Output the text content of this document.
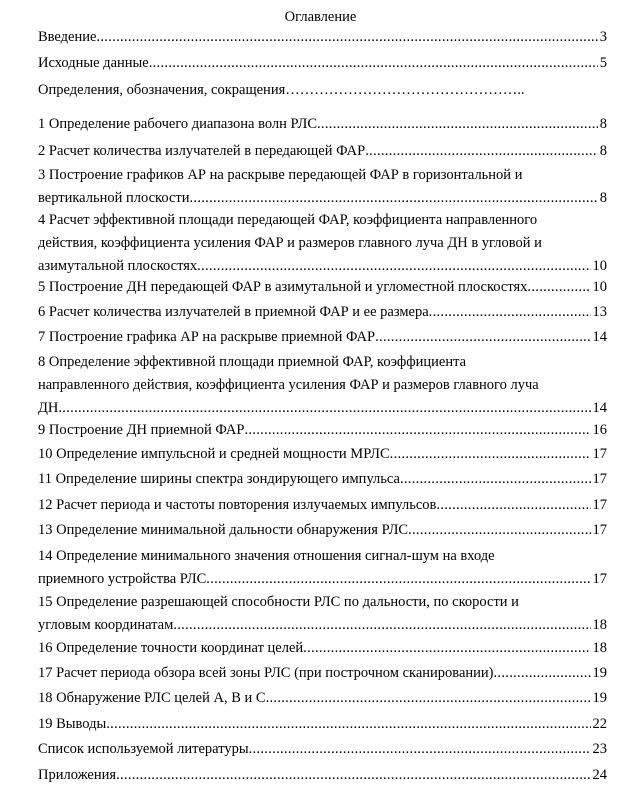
Оглавление
Введение .....	3
Исходные данные .....	5
Определения, обозначения, сокращения…………………………………………..
1 Определение рабочего диапазона волн РЛС .....	8
2 Расчет количества излучателей в передающей ФАР .....	8
3 Построение графиков АР на раскрыве передающей ФАР в горизонтальной и
вертикальной плоскости .....	8
4 Расчет эффективной площади передающей ФАР, коэффициента направленного
действия, коэффициента усиления ФАР и размеров главного луча ДН в угловой и
азимутальной плоскостях .....	10
5 Построение ДН передающей ФАР в азимутальной и угломестной плоскостях .....	10
6 Расчет количества излучателей в приемной ФАР и ее размера .....	13
7 Построение графика АР на раскрыве приемной ФАР .....	14
8 Определение эффективной площади приемной ФАР, коэффициента
направленного действия, коэффициента усиления ФАР и размеров главного луча
ДН .....	14
9 Построение ДН приемной ФАР .....	16
10 Определение импульсной и средней мощности МРЛС .....	17
11 Определение ширины спектра зондирующего импульса .....	17
12 Расчет периода и частоты повторения излучаемых импульсов .....	17
13 Определение минимальной дальности обнаружения РЛС .....	17
14 Определение минимального значения отношения сигнал-шум на входе
приемного устройства РЛС .....	17
15 Определение разрешающей способности РЛС по дальности, по скорости и
угловым координатам .....	18
16 Определение точности координат целей .....	18
17 Расчет периода обзора всей зоны РЛС (при построчном сканировании) .....	19
18 Обнаружение РЛС целей А, В и С .....	19
19 Выводы .....	22
Список используемой литературы .....	23
Приложения .....	24
